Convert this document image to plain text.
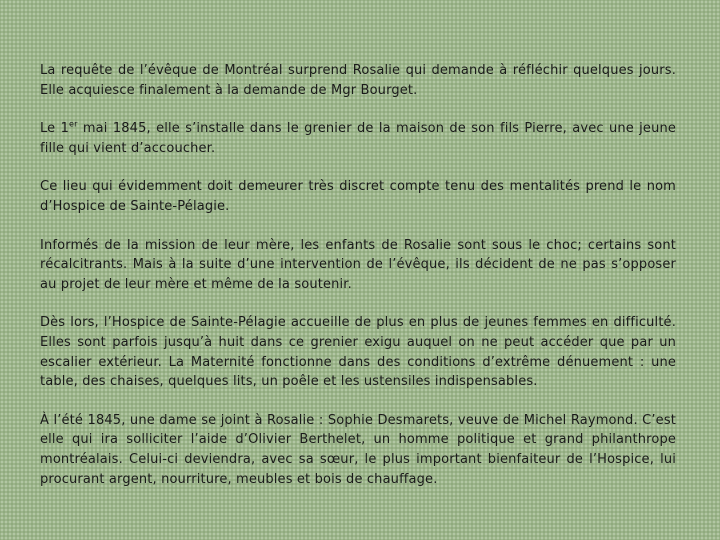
La requête de l’évêque de Montréal surprend Rosalie qui demande à réfléchir quelques jours. Elle acquiesce finalement à la demande de Mgr Bourget.

Le 1er mai 1845, elle s’installe dans le grenier de la maison de son fils Pierre, avec une jeune fille qui vient d’accoucher.

Ce lieu qui évidemment doit demeurer très discret compte tenu des mentalités prend le nom d’Hospice de Sainte-Pélagie.

Informés de la mission de leur mère, les enfants de Rosalie sont sous le choc; certains sont récalcitrants. Mais à la suite d’une intervention de l’évêque, ils décident de ne pas s’opposer au projet de leur mère et même de la soutenir.

Dès lors, l’Hospice de Sainte-Pélagie accueille de plus en plus de jeunes femmes en difficulté. Elles sont parfois jusqu’à huit dans ce grenier exigu auquel on ne peut accéder que par un escalier extérieur. La Maternité fonctionne dans des conditions d’extrême dénuement : une table, des chaises, quelques lits, un poêle et les ustensiles indispensables.

À l’été 1845, une dame se joint à Rosalie : Sophie Desmarets, veuve de Michel Raymond. C’est elle qui ira solliciter l’aide d’Olivier Berthelet, un homme politique et grand philanthrope montréalais. Celui-ci deviendra, avec sa sœur, le plus important bienfaiteur de l’Hospice, lui procurant argent, nourriture, meubles et bois de chauffage.
